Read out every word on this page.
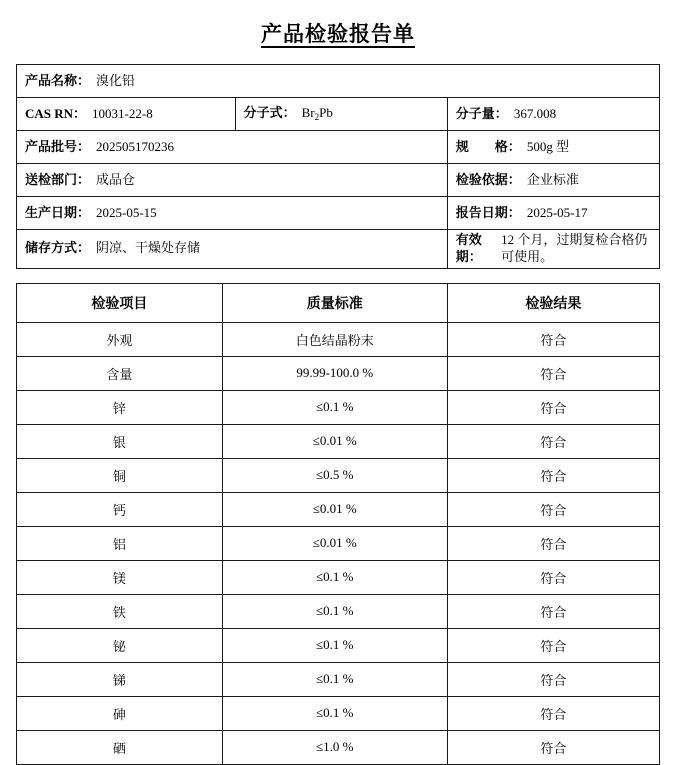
产品检验报告单
产品名称： 溴化铅		

CAS RN： 10031-22-8	分子式： $Br_2Pb$	分子量： 367.008

产品批号： 202505170236		规　　格： 500g 型

送检部门： 成品仓		检验依据： 企业标准

生产日期： 2025-05-15		报告日期： 2025-05-17

储存方式： 阴凉、干燥处存储		有效期：
12 个月，过期复检合格仍可使用。
检验项目	质量标准	检验结果
外观	白色结晶粉末	符合
含量	99.99-100.0 %	符合
锌	≤0.1 %	符合
银	≤0.01 %	符合
铜	≤0.5 %	符合
钙	≤0.01 %	符合
铝	≤0.01 %	符合
镁	≤0.1 %	符合
铁	≤0.1 %	符合
铋	≤0.1 %	符合
锑	≤0.1 %	符合
砷	≤0.1 %	符合
硒	≤1.0 %	符合
